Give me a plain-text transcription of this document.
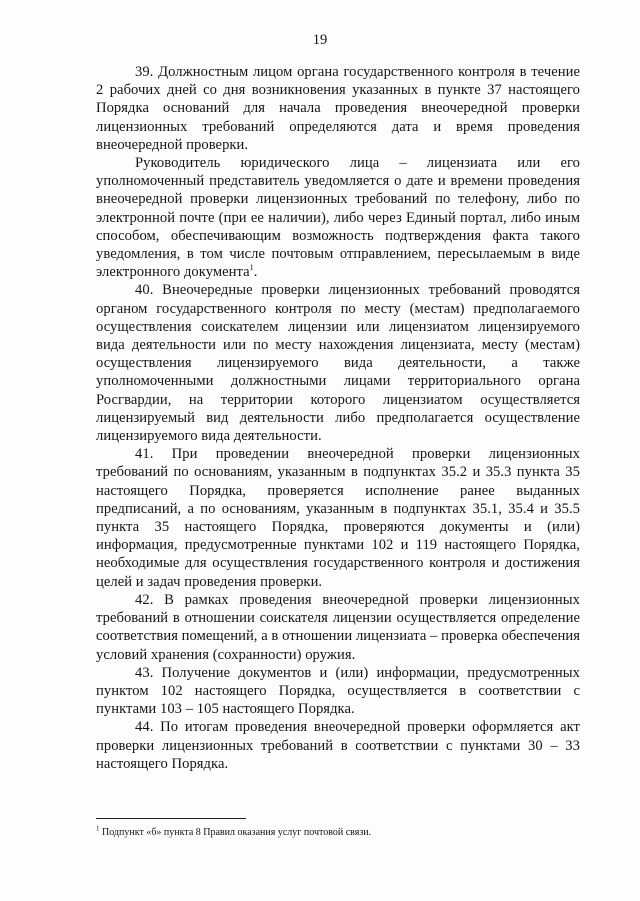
19

39. Должностным лицом органа государственного контроля в течение 2 рабочих дней со дня возникновения указанных в пункте 37 настоящего Порядка оснований для начала проведения внеочередной проверки лицензионных требований определяются дата и время проведения внеочередной проверки.

Руководитель юридического лица – лицензиата или его уполномоченный представитель уведомляется о дате и времени проведения внеочередной проверки лицензионных требований по телефону, либо по электронной почте (при ее наличии), либо через Единый портал, либо иным способом, обеспечивающим возможность подтверждения факта такого уведомления, в том числе почтовым отправлением, пересылаемым в виде электронного документа$^1$.

40. Внеочередные проверки лицензионных требований проводятся органом государственного контроля по месту (местам) предполагаемого осуществления соискателем лицензии или лицензиатом лицензируемого вида деятельности или по месту нахождения лицензиата, месту (местам) осуществления лицензируемого вида деятельности, а также уполномоченными должностными лицами территориального органа Росгвардии, на территории которого лицензиатом осуществляется лицензируемый вид деятельности либо предполагается осуществление лицензируемого вида деятельности.

41. При проведении внеочередной проверки лицензионных требований по основаниям, указанным в подпунктах 35.2 и 35.3 пункта 35 настоящего Порядка, проверяется исполнение ранее выданных предписаний, а по основаниям, указанным в подпунктах 35.1, 35.4 и 35.5 пункта 35 настоящего Порядка, проверяются документы и (или) информация, предусмотренные пунктами 102 и 119 настоящего Порядка, необходимые для осуществления государственного контроля и достижения целей и задач проведения проверки.

42. В рамках проведения внеочередной проверки лицензионных требований в отношении соискателя лицензии осуществляется определение соответствия помещений, а в отношении лицензиата – проверка обеспечения условий хранения (сохранности) оружия.

43. Получение документов и (или) информации, предусмотренных пунктом 102 настоящего Порядка, осуществляется в соответствии с пунктами 103 – 105 настоящего Порядка.

44. По итогам проведения внеочередной проверки оформляется акт проверки лицензионных требований в соответствии с пунктами 30 – 33 настоящего Порядка.

$^1$ Подпункт «б» пункта 8 Правил оказания услуг почтовой связи.
